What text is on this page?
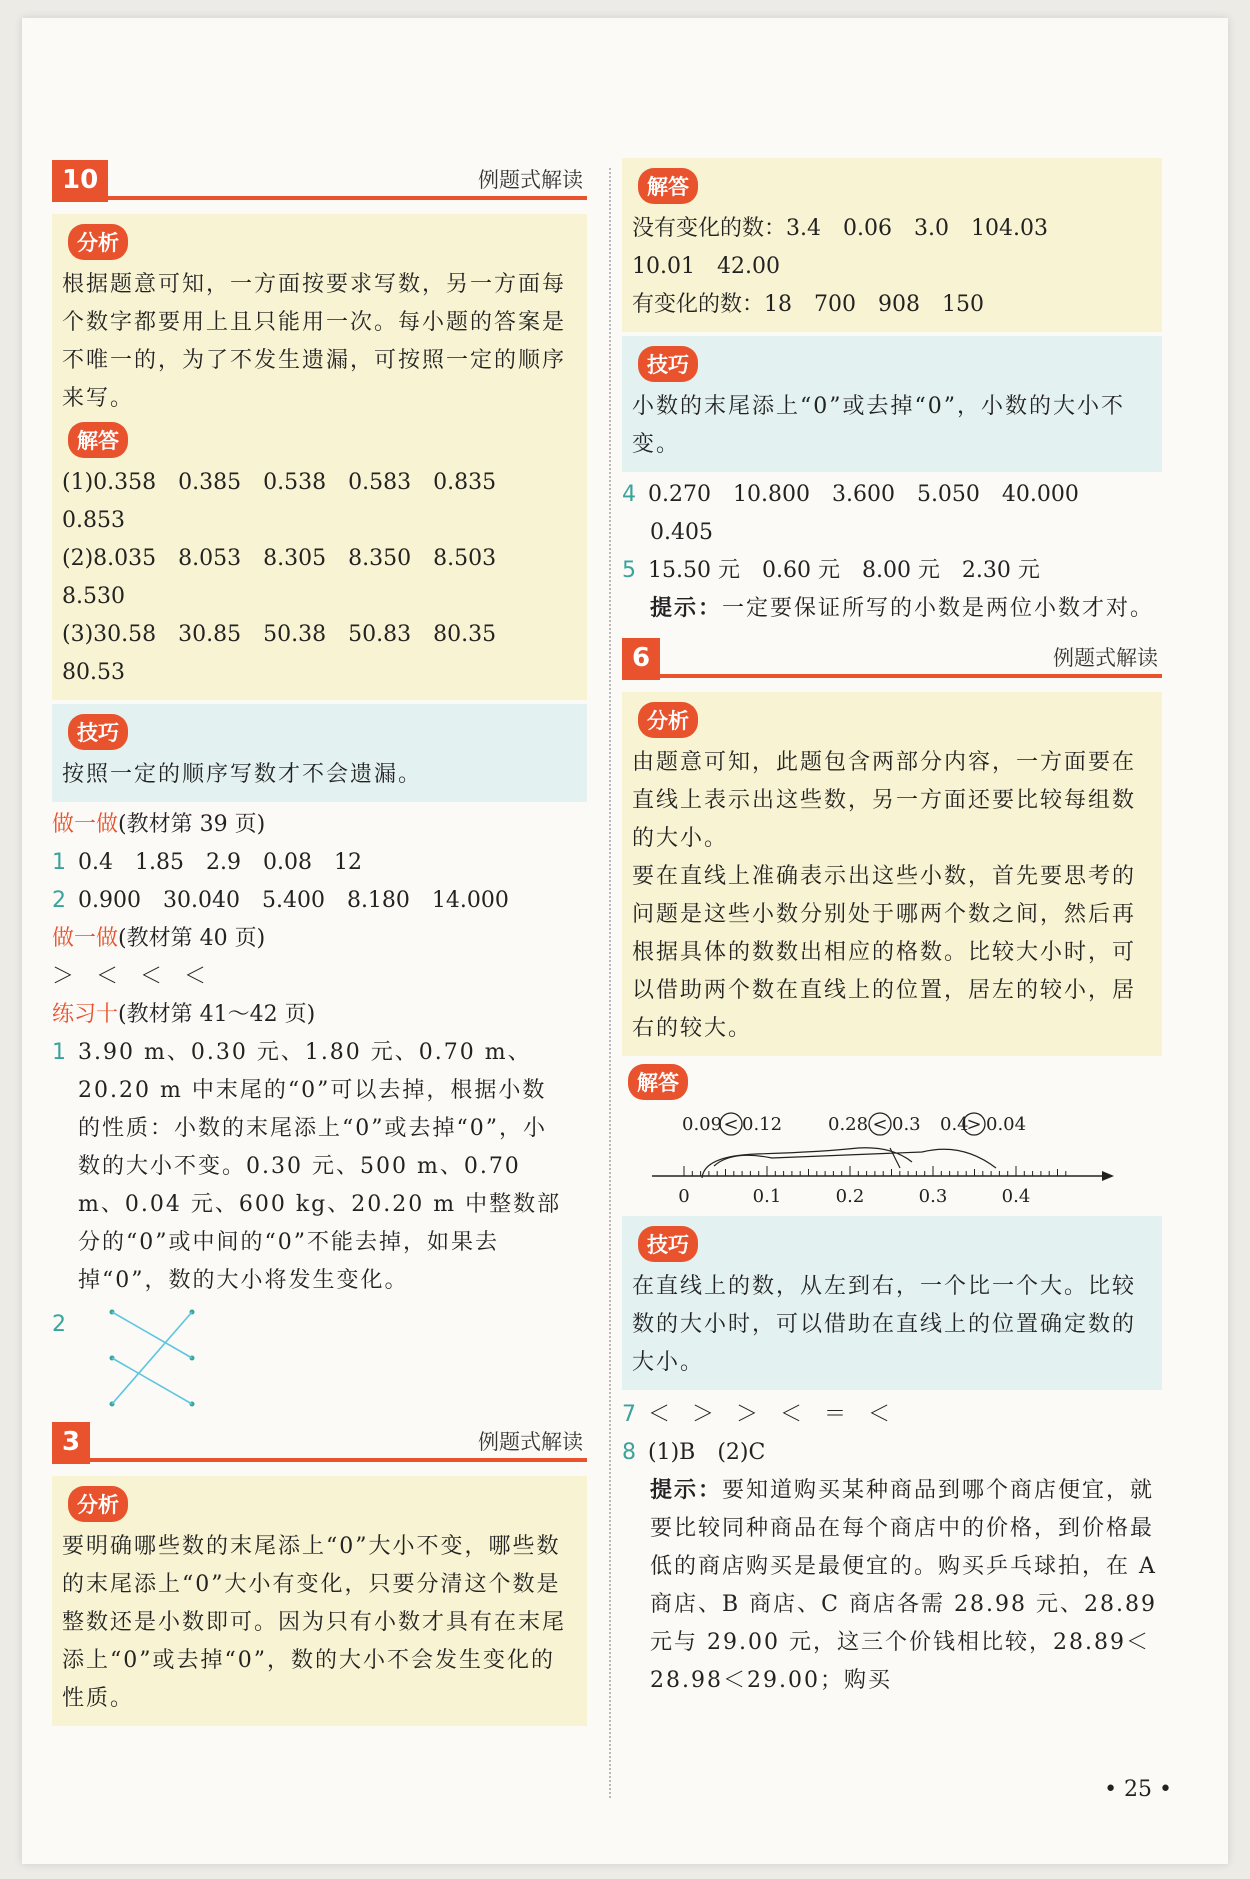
10	例题式解读
分析

根据题意可知，一方面按要求写数，另一方面每个数字都要用上且只能用一次。每小题的答案是不唯一的，为了不发生遗漏，可按照一定的顺序来写。

解答

(1)0.358　0.385　0.538　0.583　0.835

0.853

(2)8.035　8.053　8.305　8.350　8.503

8.530

(3)30.58　30.85　50.38　50.83　80.35

80.53

技巧

按照一定的顺序写数才不会遗漏。

做一做(教材第 39 页)

1 0.4　1.85　2.9　0.08　12

2 0.900　30.040　5.400　8.180　14.000

做一做(教材第 40 页)

＞　＜　＜　＜

练习十(教材第 41～42 页)

1 3.90 m、0.30 元、1.80 元、0.70 m、20.20 m 中末尾的“0”可以去掉，根据小数的性质：小数的末尾添上“0”或去掉“0”，小数的大小不变。0.30 元、500 m、0.70 m、0.04 元、600 kg、20.20 m 中整数部分的“0”或中间的“0”不能去掉，如果去掉“0”，数的大小将发生变化。

2
3	例题式解读
分析

要明确哪些数的末尾添上“0”大小不变，哪些数的末尾添上“0”大小有变化，只要分清这个数是整数还是小数即可。因为只有小数才具有在末尾添上“0”或去掉“0”，数的大小不会发生变化的性质。

解答

没有变化的数：3.4　0.06　3.0　104.03

10.01　42.00

有变化的数：18　700　908　150

技巧

小数的末尾添上“0”或去掉“0”，小数的大小不变。

4 0.270　10.800　3.600　5.050　40.000

0.405

5 15.50 元　0.60 元　8.00 元　2.30 元

提示：一定要保证所写的小数是两位小数才对。

6	例题式解读
分析

由题意可知，此题包含两部分内容，一方面要在直线上表示出这些数，另一方面还要比较每组数的大小。

要在直线上准确表示出这些小数，首先要思考的问题是这些小数分别处于哪两个数之间，然后再根据具体的数数出相应的格数。比较大小时，可以借助两个数在直线上的位置，居左的较小，居右的较大。

解答
0.09 0.12	0.28 0.3 0.4 0.04
<	<	>
0	0.1	0.2	0.3	0.4
技巧

在直线上的数，从左到右，一个比一个大。比较数的大小时，可以借助在直线上的位置确定数的大小。

7 ＜　＞　＞　＜　＝　＜

8 (1)B　(2)C

提示：要知道购买某种商品到哪个商店便宜，就要比较同种商品在每个商店中的价格，到价格最低的商店购买是最便宜的。购买乒乓球拍，在 A 商店、B 商店、C 商店各需 28.98 元、28.89 元与 29.00 元，这三个价钱相比较，28.89＜28.98＜29.00；购买

• 25 •
